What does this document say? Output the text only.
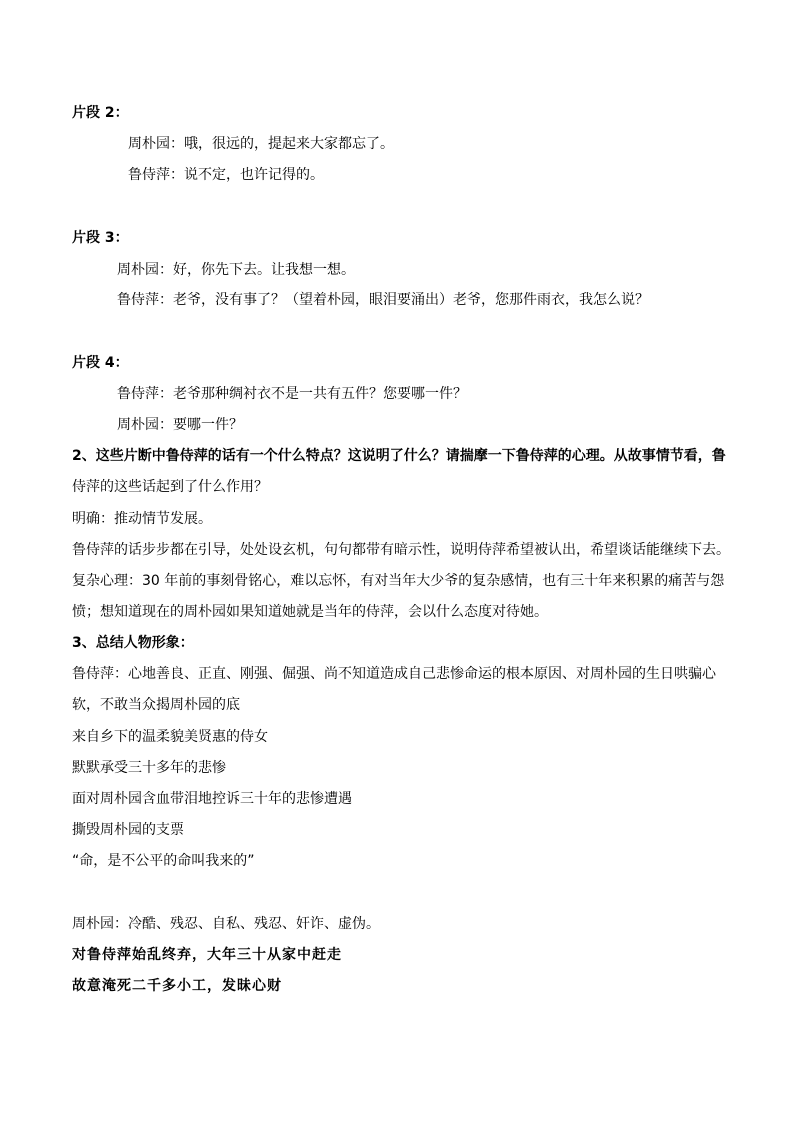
片段 2：
周朴园：哦，很远的，提起来大家都忘了。
鲁侍萍：说不定，也许记得的。
片段 3：
周朴园：好，你先下去。让我想一想。
鲁侍萍：老爷，没有事了？（望着朴园，眼泪要涌出）老爷，您那件雨衣，我怎么说？
片段 4：
鲁侍萍：老爷那种绸衬衣不是一共有五件？您要哪一件？
周朴园：要哪一件？
2、这些片断中鲁侍萍的话有一个什么特点？这说明了什么？请揣摩一下鲁侍萍的心理。从故事情节看，鲁
侍萍的这些话起到了什么作用？
明确：推动情节发展。
鲁侍萍的话步步都在引导，处处设玄机，句句都带有暗示性，说明侍萍希望被认出，希望谈话能继续下去。
复杂心理：30 年前的事刻骨铭心，难以忘怀，有对当年大少爷的复杂感情，也有三十年来积累的痛苦与怨
愤；想知道现在的周朴园如果知道她就是当年的侍萍，会以什么态度对待她。
3、总结人物形象：
鲁侍萍：心地善良、正直、刚强、倔强、尚不知道造成自己悲惨命运的根本原因、对周朴园的生日哄骗心
软，不敢当众揭周朴园的底
来自乡下的温柔貌美贤惠的侍女
默默承受三十多年的悲惨
面对周朴园含血带泪地控诉三十年的悲惨遭遇
撕毁周朴园的支票
“命，是不公平的命叫我来的”
周朴园：冷酷、残忍、自私、残忍、奸诈、虚伪。
对鲁侍萍始乱终弃，大年三十从家中赶走
故意淹死二千多小工，发昧心财
